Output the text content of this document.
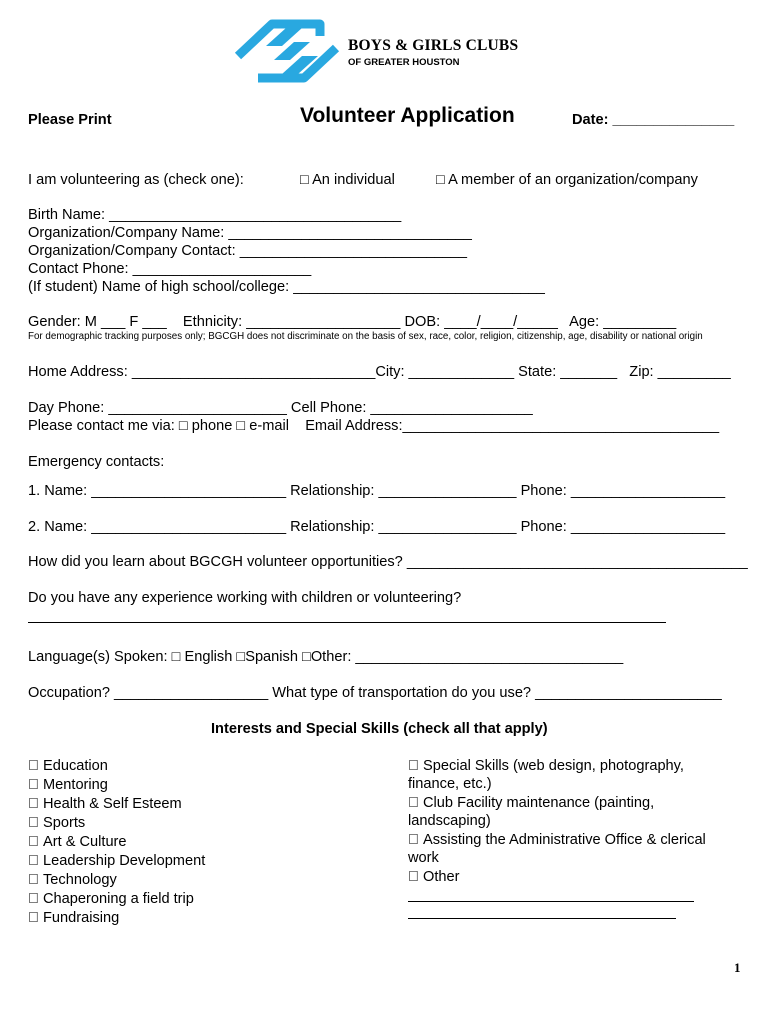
BOYS & GIRLS CLUBS
OF GREATER HOUSTON
Please Print	Volunteer Application	Date: _______________
I am volunteering as (check one):	□ An individual	□ A member of an organization/company
Birth Name: ____________________________________
Organization/Company Name: ______________________________
Organization/Company Contact: ____________________________
Contact Phone: ______________________
(If student) Name of high school/college: _______________________________
Gender: M ___ F ___    Ethnicity: ___________________ DOB: ____/____/_____   Age: _________
For demographic tracking purposes only; BGCGH does not discriminate on the basis of sex, race, color, religion, citizenship, age, disability or national origin
Home Address: ______________________________City: _____________ State: _______   Zip: _________
Day Phone: ______________________ Cell Phone: ____________________
Please contact me via: □ phone □ e-mail    Email Address:_______________________________________
Emergency contacts:
1. Name: ________________________ Relationship: _________________ Phone: ___________________
2. Name: ________________________ Relationship: _________________ Phone: ___________________
How did you learn about BGCGH volunteer opportunities? __________________________________________
Do you have any experience working with children or volunteering?
Language(s) Spoken: □ English □Spanish □Other: _________________________________
Occupation? ___________________ What type of transportation do you use? _______________________
Interests and Special Skills (check all that apply)
Education
Mentoring
Health & Self Esteem
Sports
Art & Culture
Leadership Development
Technology
Chaperoning a field trip
Fundraising
Special Skills (web design, photography,
finance, etc.)
Club Facility maintenance (painting,
landscaping)
Assisting the Administrative Office & clerical
work
Other
1
